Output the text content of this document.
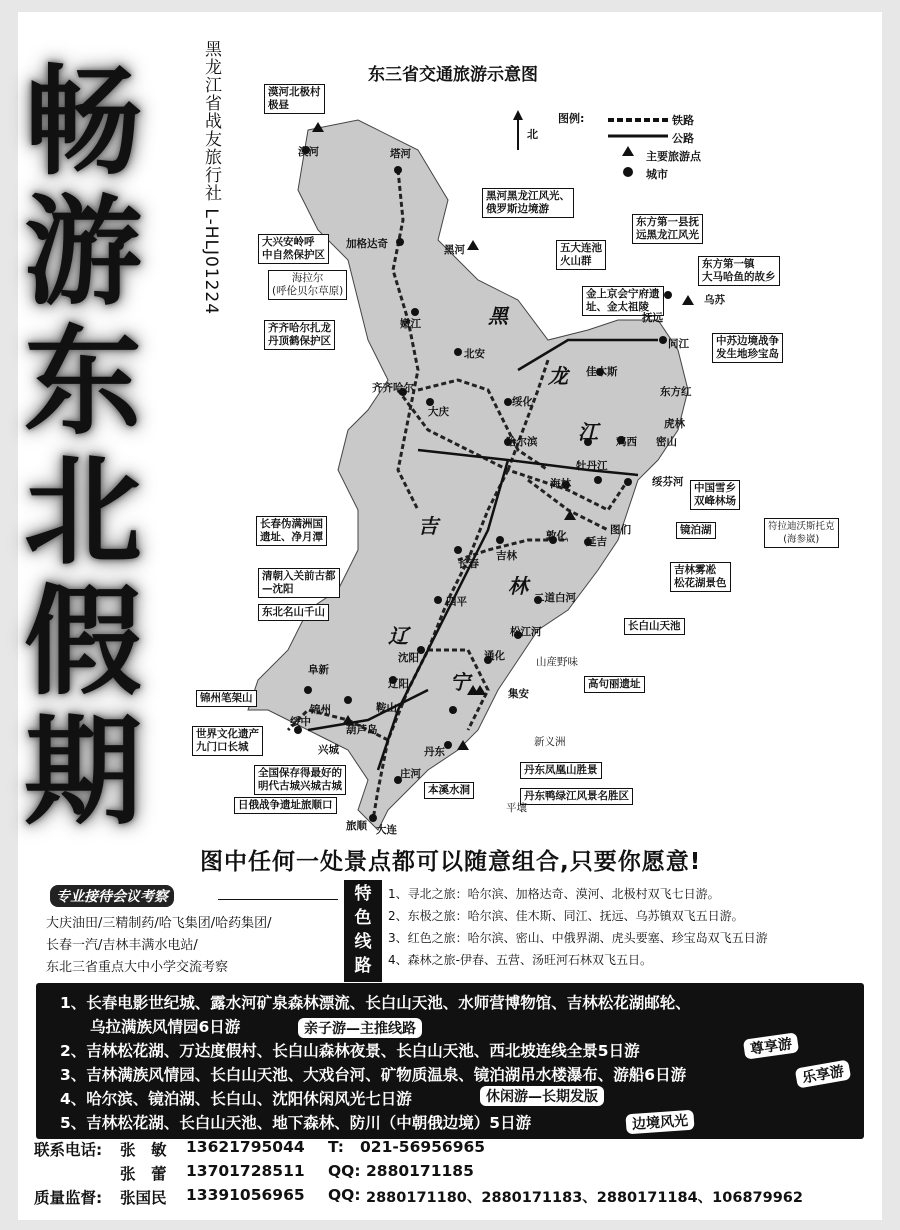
畅
游
东
北
假
期
黑龙江省战友旅行社 L-HLJ01224	东三省交通旅游示意图
图例:	铁路
公路
主要旅游点
城市
北
黑
龙
江
吉
林
辽
宁
漠河北极村
极昼
大兴安岭呼
中自然保护区
海拉尔
(呼伦贝尔草原)
齐齐哈尔扎龙
丹顶鹤保护区
黑河黑龙江风光、
俄罗斯边境游
五大连池
火山群
金上京会宁府遗
址、金太祖陵
东方第一县抚
远黑龙江风光
东方第一镇
大马哈鱼的故乡
中苏边境战争
发生地珍宝岛
中国雪乡
双峰林场
镜泊湖	符拉迪沃斯托克
(海参崴)
长春伪满洲国
遗址、净月潭
吉林雾凇
松花湖景色
清朝入关前古都
—沈阳
东北名山千山
长白山天池
高句丽遗址
锦州笔架山
世界文化遗产
九门口长城
全国保存得最好的
明代古城兴城古城
日俄战争遗址旅顺口
丹东凤凰山胜景
丹东鸭绿江风景名胜区
本溪水洞
漠河	塔河
加格达奇	黑河
嫩江
北安
齐齐哈尔
大庆
绥化
哈尔滨
佳木斯
抚远
同江
乌苏
东方红
虎林
鸡西 密山
牡丹江
绥芬河
海林
长春
吉林
敦化 延吉
图们
四平	二道白河
松江河
通化
集安
沈阳
阜新
锦州
辽阳
鞍山
兴城
绥中
葫芦岛
丹东
庄河
旅顺 大连
新义洲
平壤
山産野味
图中任何一处景点都可以随意组合,只要你愿意!
专业接待会议考察
大庆油田/三精制药/哈飞集团/哈药集团/
长春一汽/吉林丰满水电站/
东北三省重点大中小学交流考察
特
色
线
路
1、寻北之旅：哈尔滨、加格达奇、漠河、北极村双飞七日游。
2、东极之旅：哈尔滨、佳木斯、同江、抚远、乌苏镇双飞五日游。
3、红色之旅：哈尔滨、密山、中俄界湖、虎头要塞、珍宝岛双飞五日游
4、森林之旅-伊春、五营、汤旺河石林双飞五日。
1、长春电影世纪城、露水河矿泉森林漂流、长白山天池、水师营博物馆、吉林松花湖邮轮、
乌拉满族风情园6日游
2、吉林松花湖、万达度假村、长白山森林夜景、长白山天池、西北坡连线全景5日游
3、吉林满族风情园、长白山天池、大戏台河、矿物质温泉、镜泊湖吊水楼瀑布、游船6日游
4、哈尔滨、镜泊湖、长白山、沈阳休闲风光七日游
5、吉林松花湖、长白山天池、地下森林、防川（中朝俄边境）5日游
亲子游—主推线路
尊享游
乐享游
休闲游—长期发版
边境风光
联系电话: 张　敏 13621795044 T: 021-56956965
张　蕾 13701728511 QQ: 2880171185
质量监督: 张国民 13391056965 QQ: 2880171180、2880171183、2880171184、106879962
